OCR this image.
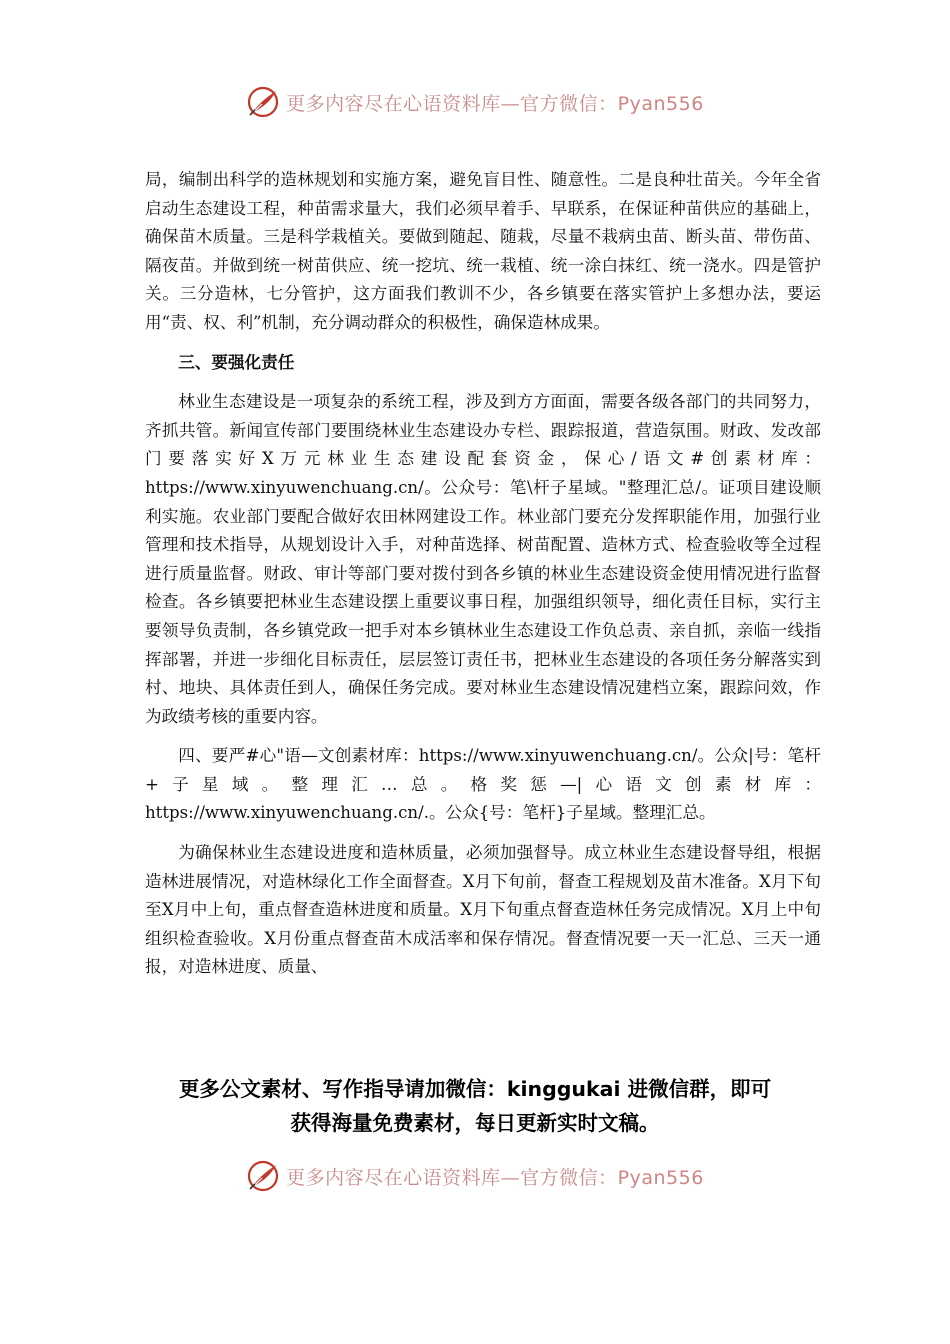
更多内容尽在心语资料库—官方微信：Pyan556

局，编制出科学的造林规划和实施方案，避免盲目性、随意性。二是良种壮苗关。今年全省启动生态建设工程，种苗需求量大，我们必须早着手、早联系，在保证种苗供应的基础上，确保苗木质量。三是科学栽植关。要做到随起、随栽，尽量不栽病虫苗、断头苗、带伤苗、隔夜苗。并做到统一树苗供应、统一挖坑、统一栽植、统一涂白抹红、统一浇水。四是管护关。三分造林，七分管护，这方面我们教训不少，各乡镇要在落实管护上多想办法，要运用“责、权、利”机制，充分调动群众的积极性，确保造林成果。

三、要强化责任

林业生态建设是一项复杂的系统工程，涉及到方方面面，需要各级各部门的共同努力，齐抓共管。新闻宣传部门要围绕林业生态建设办专栏、跟踪报道，营造氛围。财政、发改部门要落实好X万元林业生态建设配套资金，保心/语文#创素材库：https://www.xinyuwenchuang.cn/。公众号：笔\杆子星域。"整理汇总/。证项目建设顺利实施。农业部门要配合做好农田林网建设工作。林业部门要充分发挥职能作用，加强行业管理和技术指导，从规划设计入手，对种苗选择、树苗配置、造林方式、检查验收等全过程进行质量监督。财政、审计等部门要对拨付到各乡镇的林业生态建设资金使用情况进行监督检查。各乡镇要把林业生态建设摆上重要议事日程，加强组织领导，细化责任目标，实行主要领导负责制，各乡镇党政一把手对本乡镇林业生态建设工作负总责、亲自抓，亲临一线指挥部署，并进一步细化目标责任，层层签订责任书，把林业生态建设的各项任务分解落实到村、地块、具体责任到人，确保任务完成。要对林业生态建设情况建档立案，跟踪问效，作为政绩考核的重要内容。

四、要严#心"语—文创素材库：https://www.xinyuwenchuang.cn/。公众|号：笔杆+子星域。整理汇…总。格奖惩—|心语文创素材库：https://www.xinyuwenchuang.cn/.。公众{号：笔杆}子星域。整理汇总。

为确保林业生态建设进度和造林质量，必须加强督导。成立林业生态建设督导组，根据造林进展情况，对造林绿化工作全面督查。X月下旬前，督查工程规划及苗木准备。X月下旬至X月中上旬，重点督查造林进度和质量。X月下旬重点督查造林任务完成情况。X月上中旬组织检查验收。X月份重点督查苗木成活率和保存情况。督查情况要一天一汇总、三天一通报，对造林进度、质量、

更多公文素材、写作指导请加微信：kinggukai 进微信群，即可
获得海量免费素材，每日更新实时文稿。
更多内容尽在心语资料库—官方微信：Pyan556
